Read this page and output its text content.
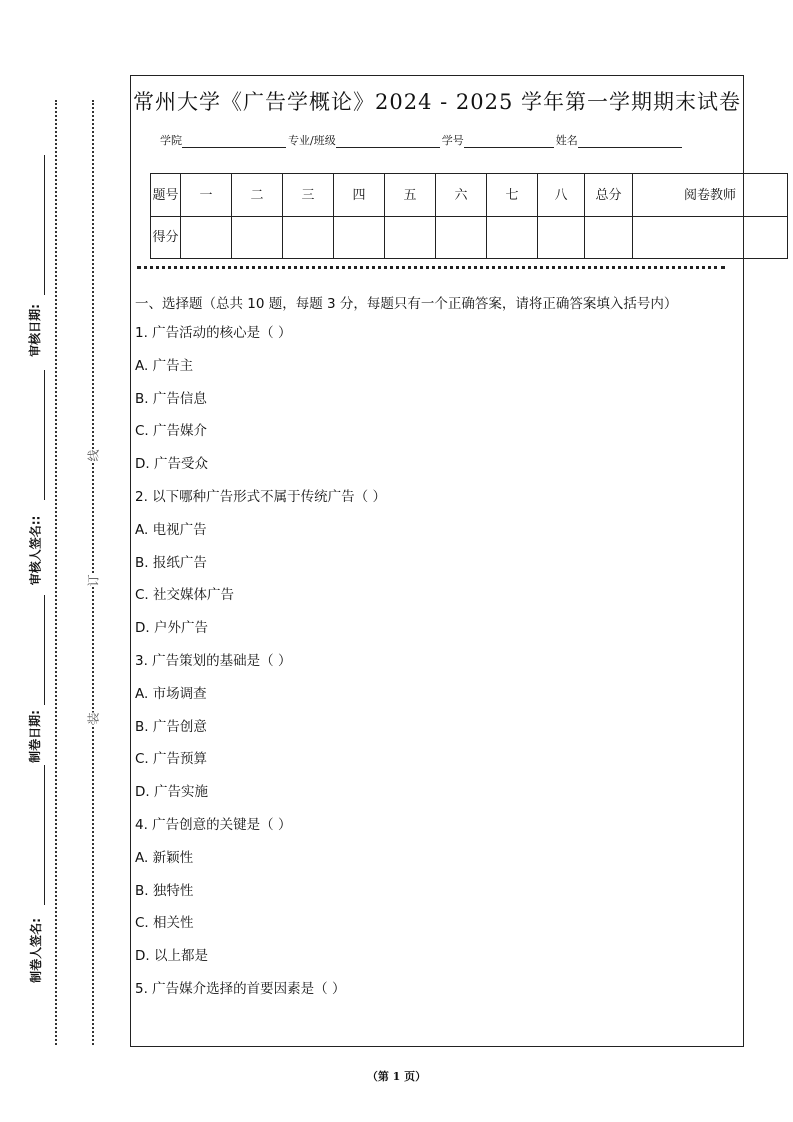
审核日期:
审核人签名::
制卷日期:
制卷人签名:
线
订
装
常州大学《广告学概论》2024 - 2025 学年第一学期期末试卷
学院	专业/班级	学号	姓名
题号	一	二	三	四	五	六	七	八	总分	阅卷教师
得分										
一、选择题（总共 10 题，每题 3 分，每题只有一个正确答案，请将正确答案填入括号内）
1. 广告活动的核心是（ ）
A. 广告主
B. 广告信息
C. 广告媒介
D. 广告受众
2. 以下哪种广告形式不属于传统广告（ ）
A. 电视广告
B. 报纸广告
C. 社交媒体广告
D. 户外广告
3. 广告策划的基础是（ ）
A. 市场调查
B. 广告创意
C. 广告预算
D. 广告实施
4. 广告创意的关键是（ ）
A. 新颖性
B. 独特性
C. 相关性
D. 以上都是
5. 广告媒介选择的首要因素是（ ）
（第 1 页）
